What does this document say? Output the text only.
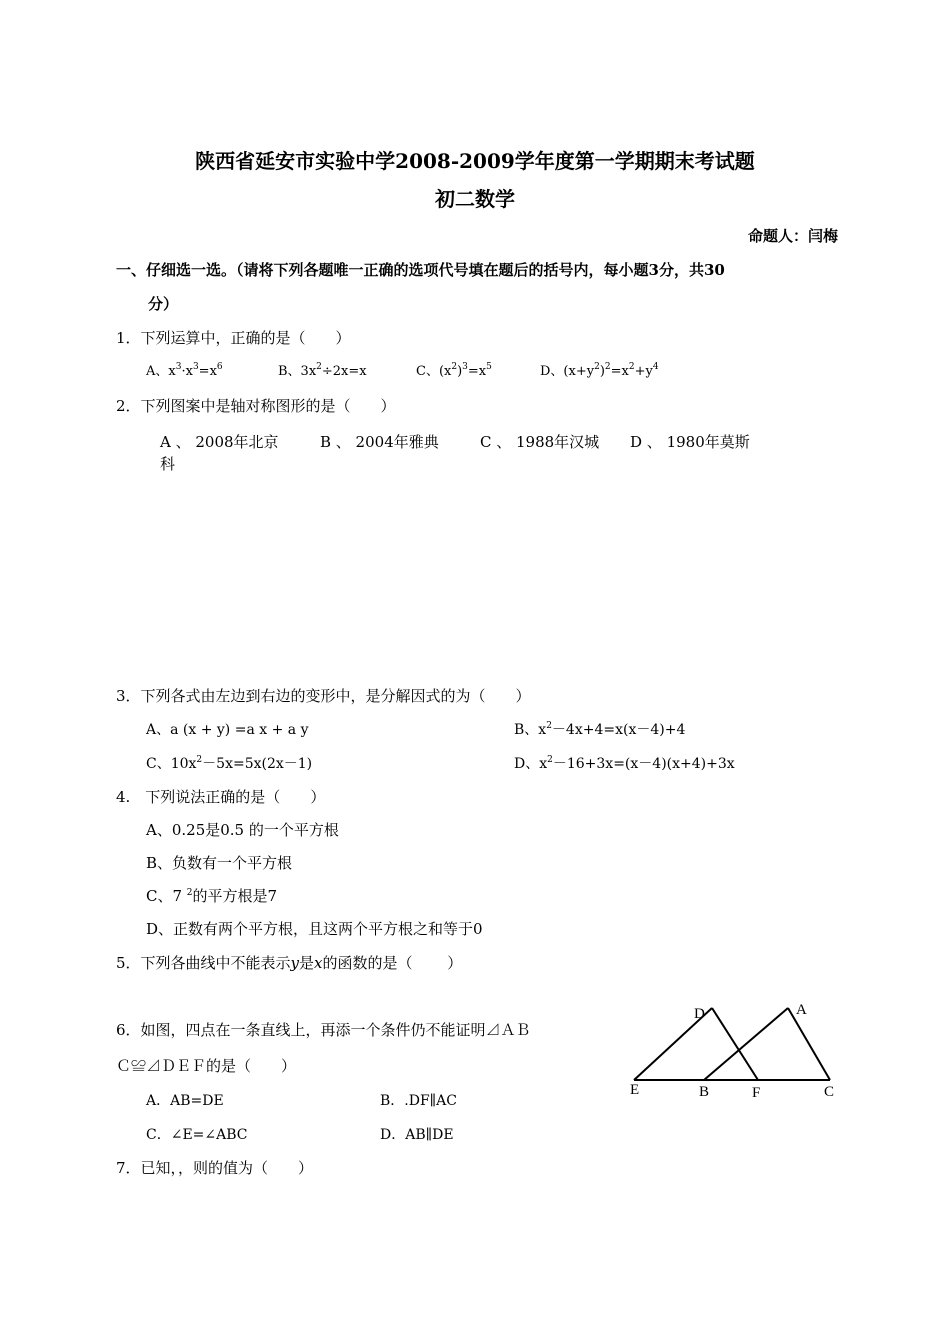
陕西省延安市实验中学2008-2009学年度第一学期期末考试题
初二数学
命题人：闫梅
一、仔细选一选。（请将下列各题唯一正确的选项代号填在题后的括号内，每小题3分，共30
分）
1．下列运算中，正确的是（　　）
A、$x^3\cdot x^3=x^6$	B、$3x^2\div 2x=x$	C、$(x^2)^3=x^5$	D、$(x+y^2)^2=x^2+y^4$
2．下列图案中是轴对称图形的是（　　）
A 、 2008年北京	B 、 2004年雅典	C 、 1988年汉城 D 、 1980年莫斯
科
3．下列各式由左边到右边的变形中，是分解因式的为（　　）
A、a (x + y) =a x + a y	B、$x^2-4x+4=x(x-4)+4$
C、$10x^2-5x=5x(2x-1)$	D、$x^2-16+3x=(x-4)(x+4)+3x$
4.　下列说法正确的是（　　）
A、0.25是0.5 的一个平方根
B、负数有一个平方根
C、7 $^2$的平方根是7
D、正数有两个平方根，且这两个平方根之和等于0
5．下列各曲线中不能表示y是x的函数的是（　　 ）
6．如图，四点在一条直线上，再添一个条件仍不能证明⊿ＡＢ
Ｃ≌⊿ＤＥＦ的是（　　）
A．AB=DE	B．.DF∥AC
C．∠E=∠ABC	D．AB∥DE
D	A
E	B	F	C
7．已知，，则的值为（　　）
